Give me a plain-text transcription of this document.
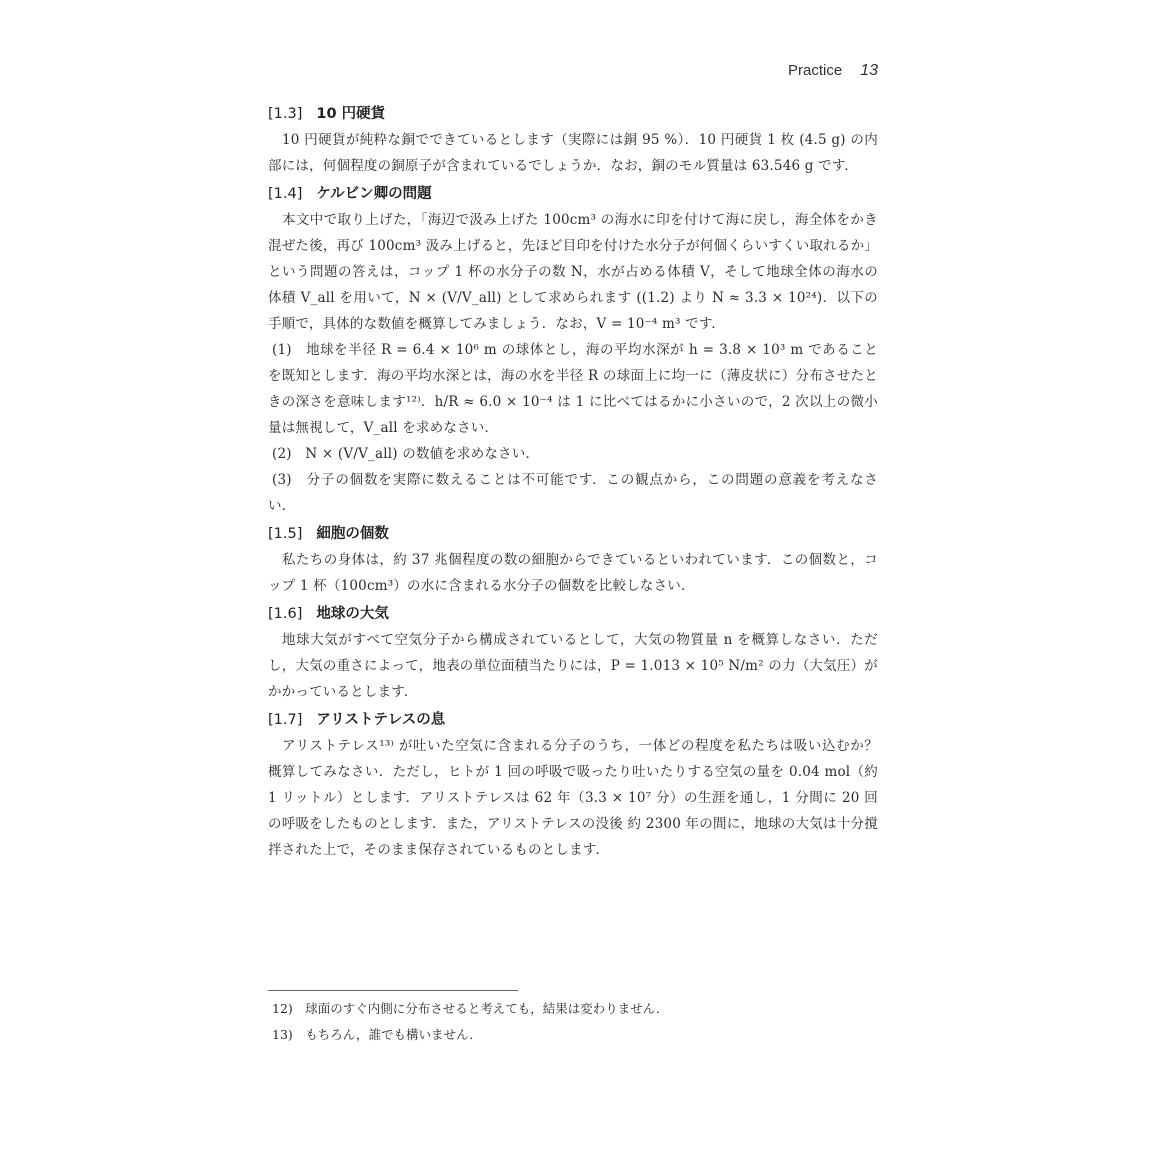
Practice 13
[1.3] 10 円硬貨

10 円硬貨が純粋な銅でできているとします（実際には銅 95 %）．10 円硬貨 1 枚 (4.5 g) の内部には，何個程度の銅原子が含まれているでしょうか．なお，銅のモル質量は 63.546 g です．

[1.4] ケルビン卿の問題

本文中で取り上げた，「海辺で汲み上げた 100cm³ の海水に印を付けて海に戻し，海全体をかき混ぜた後，再び 100cm³ 汲み上げると，先ほど目印を付けた水分子が何個くらいすくい取れるか」という問題の答えは，コップ 1 杯の水分子の数 N，水が占める体積 V，そして地球全体の海水の体積 V_all を用いて，N × (V/V_all) として求められます ((1.2) より N ≈ 3.3 × 10²⁴)．以下の手順で，具体的な数値を概算してみましょう．なお，V = 10⁻⁴ m³ です．

(1)　地球を半径 R = 6.4 × 10⁶ m の球体とし，海の平均水深が h = 3.8 × 10³ m であることを既知とします．海の平均水深とは，海の水を半径 R の球面上に均一に（薄皮状に）分布させたときの深さを意味します¹²⁾．h/R ≈ 6.0 × 10⁻⁴ は 1 に比べてはるかに小さいので，2 次以上の微小量は無視して，V_all を求めなさい．

(2)　N × (V/V_all) の数値を求めなさい．

(3)　分子の個数を実際に数えることは不可能です．この観点から，この問題の意義を考えなさい．

[1.5] 細胞の個数

私たちの身体は，約 37 兆個程度の数の細胞からできているといわれています．この個数と，コップ 1 杯（100cm³）の水に含まれる水分子の個数を比較しなさい．

[1.6] 地球の大気

地球大気がすべて空気分子から構成されているとして，大気の物質量 n を概算しなさい．ただし，大気の重さによって，地表の単位面積当たりには，P = 1.013 × 10⁵ N/m² の力（大気圧）がかかっているとします．

[1.7] アリストテレスの息

アリストテレス¹³⁾ が吐いた空気に含まれる分子のうち，一体どの程度を私たちは吸い込むか？　概算してみなさい．ただし，ヒトが 1 回の呼吸で吸ったり吐いたりする空気の量を 0.04 mol（約 1 リットル）とします．アリストテレスは 62 年（3.3 × 10⁷ 分）の生涯を通し，1 分間に 20 回の呼吸をしたものとします．また，アリストテレスの没後 約 2300 年の間に，地球の大気は十分撹拌された上で，そのまま保存されているものとします．

12)　球面のすぐ内側に分布させると考えても，結果は変わりません．

13)　もちろん，誰でも構いません．
